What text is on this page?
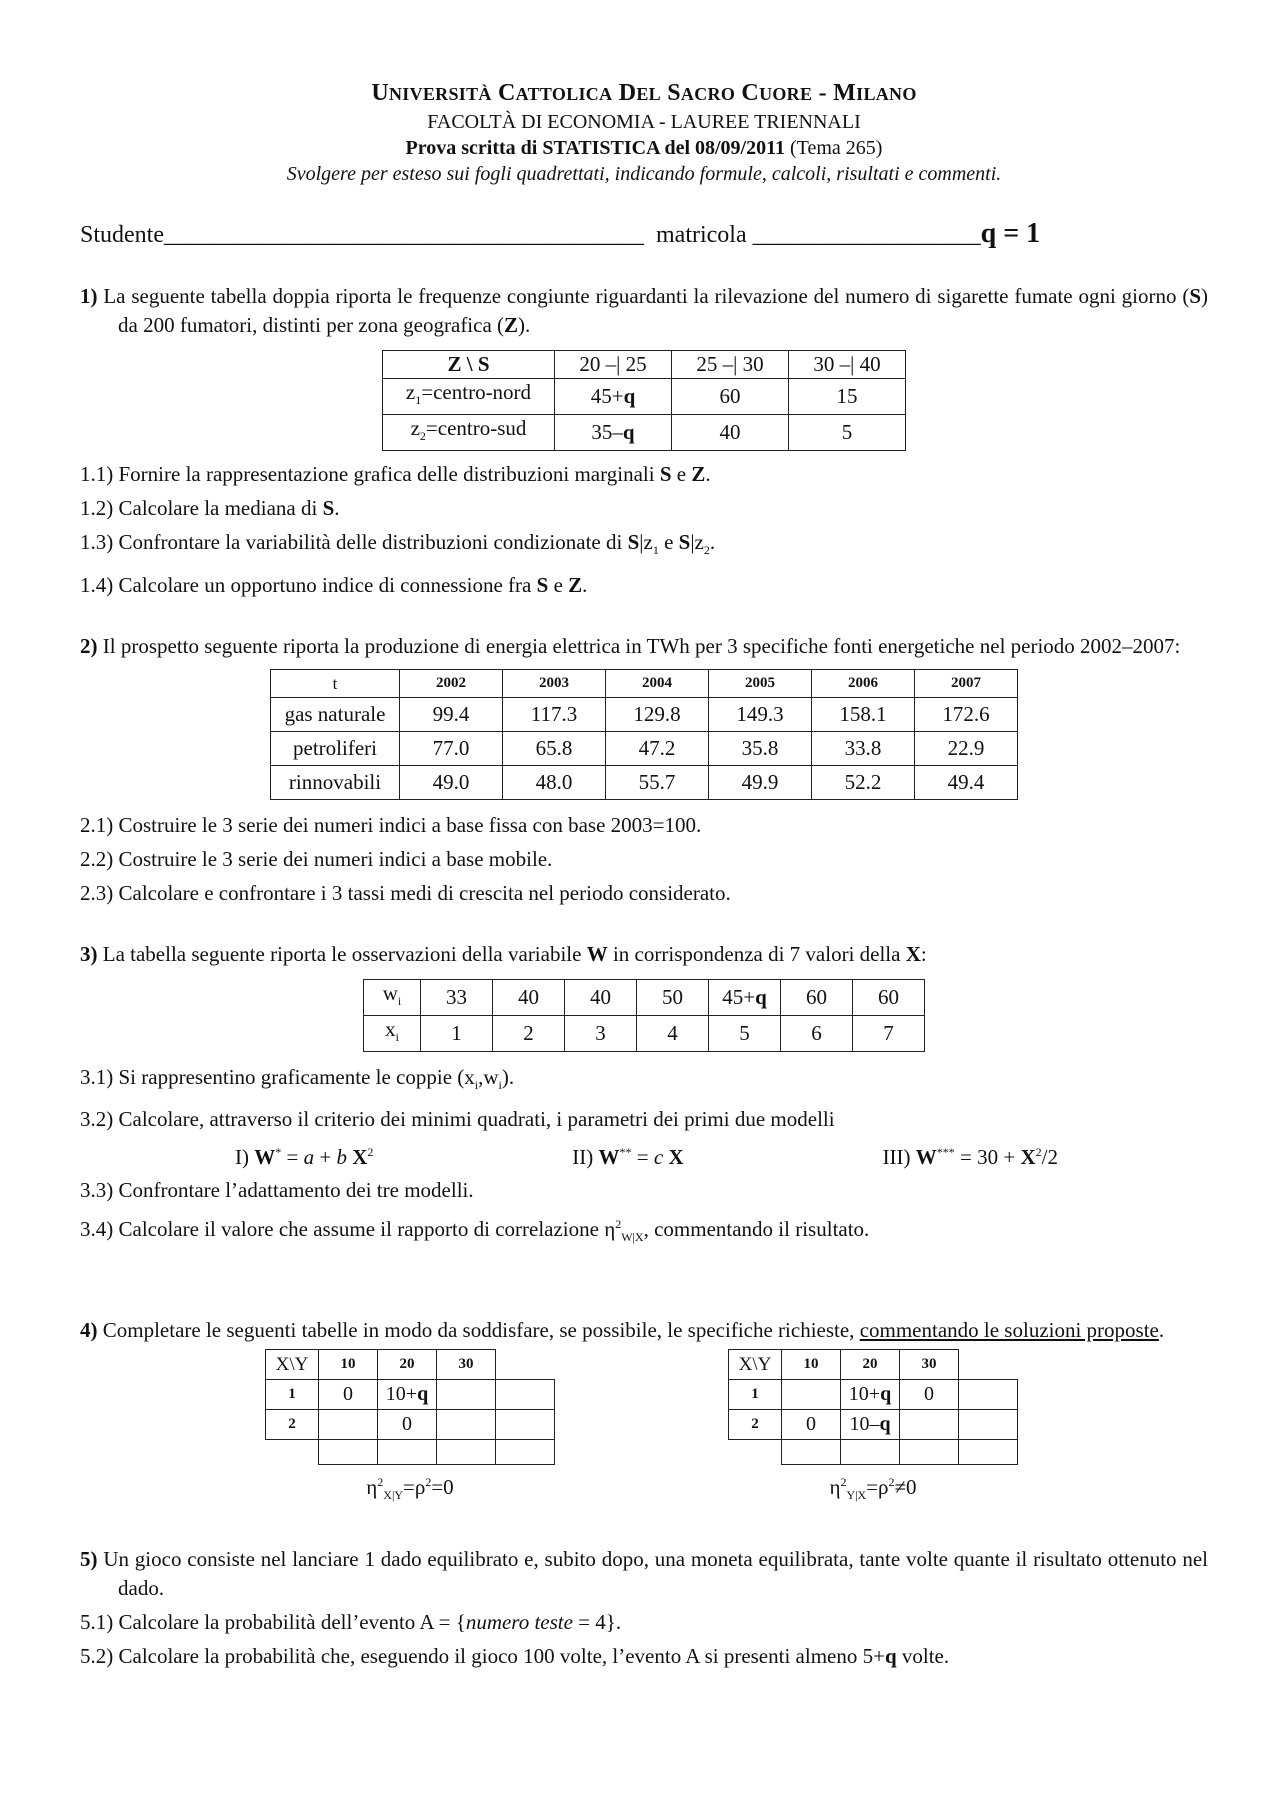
UNIVERSITÀ CATTOLICA DEL SACRO CUORE - MILANO
FACOLTÀ DI ECONOMIA - LAUREE TRIENNALI
Prova scritta di STATISTICA del 08/09/2011 (Tema 265)
Svolgere per esteso sui fogli quadrettati, indicando formule, calcoli, risultati e commenti.
Studente________________________________________ matricola ___________________q = 1
1) La seguente tabella doppia riporta le frequenze congiunte riguardanti la rilevazione del numero di sigarette fumate ogni giorno (S) da 200 fumatori, distinti per zona geografica (Z).
Z \ S	20 –| 25	25 –| 30	30 –| 40
$z_1=centro$-nord	45+q	60	15
$z_2=centro$-sud	35–q	40	5
1.1) Fornire la rappresentazione grafica delle distribuzioni marginali S e Z.
1.2) Calcolare la mediana di S.
1.3) Confrontare la variabilità delle distribuzioni condizionate di $S|z_1$ e $S|z_2$.
1.4) Calcolare un opportuno indice di connessione fra S e Z.
2) Il prospetto seguente riporta la produzione di energia elettrica in TWh per 3 specifiche fonti energetiche nel periodo 2002–2007:
t	2002	2003	2004	2005	2006	2007
gas naturale	99.4	117.3	129.8	149.3	158.1	172.6
petroliferi	77.0	65.8	47.2	35.8	33.8	22.9
rinnovabili	49.0	48.0	55.7	49.9	52.2	49.4
2.1) Costruire le 3 serie dei numeri indici a base fissa con base 2003=100.
2.2) Costruire le 3 serie dei numeri indici a base mobile.
2.3) Calcolare e confrontare i 3 tassi medi di crescita nel periodo considerato.
3) La tabella seguente riporta le osservazioni della variabile W in corrispondenza di 7 valori della X:
$w_i$	33	40	40	50	45+q	60	60
$x_i$	1	2	3	4	5	6	7
3.1) Si rappresentino graficamente le coppie $(x_i,w_i)$.
3.2) Calcolare, attraverso il criterio dei minimi quadrati, i parametri dei primi due modelli
I) W* = a + b $X^2$	II) W** = c X	III) $W^{***} = 30 + X^2/2$
3.3) Confrontare l’adattamento dei tre modelli.
3.4) Calcolare il valore che assume il rapporto di correlazione $\eta^2_{W|X}$, commentando il risultato.
4) Completare le seguenti tabelle in modo da soddisfare, se possibile, le specifiche richieste, commentando le soluzioni proposte.
X\Y	10	20	30	
1	0	10+q		
2		0		

$\eta^2_{X|Y}=\rho^2=0$
X\Y	10	20	30	
1		10+q	0	
2	0	10–q		

$\eta^2_{Y|X}=\rho^2\ne 0$
5) Un gioco consiste nel lanciare 1 dado equilibrato e, subito dopo, una moneta equilibrata, tante volte quante il risultato ottenuto nel dado.
5.1) Calcolare la probabilità dell’evento A = {numero teste = 4}.
5.2) Calcolare la probabilità che, eseguendo il gioco 100 volte, l’evento A si presenti almeno 5+q volte.
